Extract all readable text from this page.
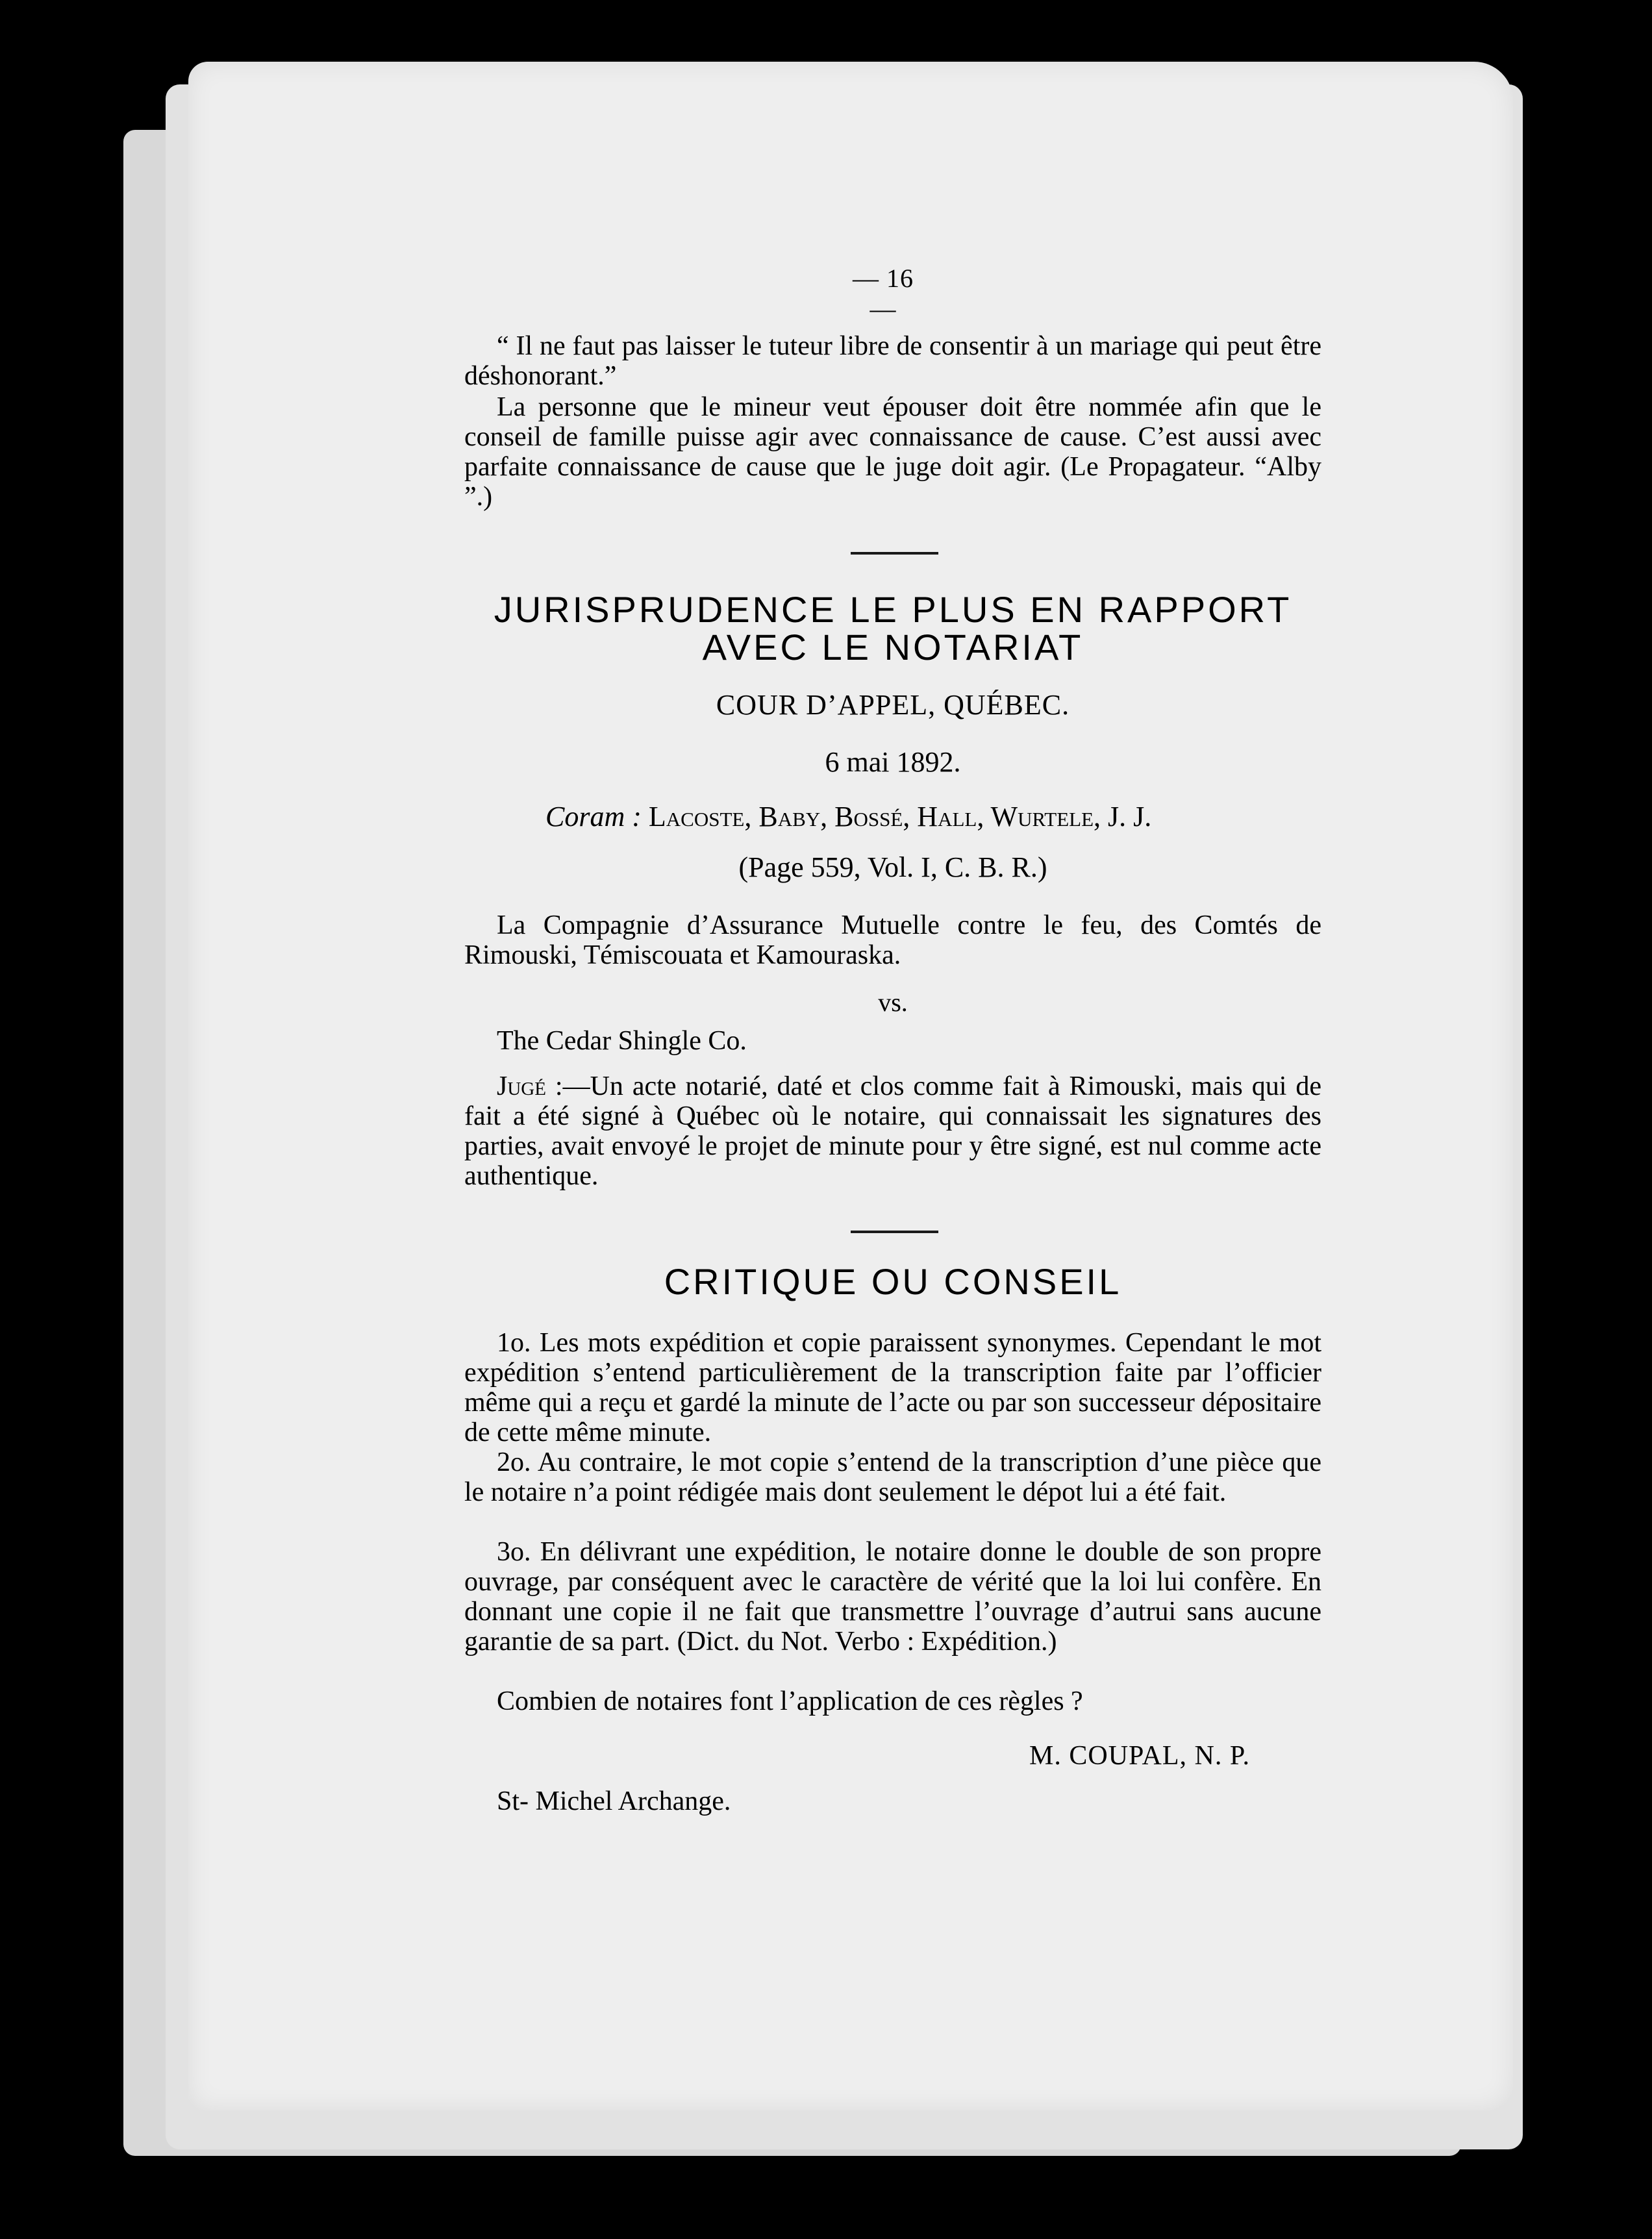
— 16 —
“ Il ne faut pas laisser le tuteur libre de consentir à un mariage qui peut être déshonorant.”
La personne que le mineur veut épouser doit être nommée afin que le conseil de famille puisse agir avec connaissance de cause. C’est aussi avec parfaite connaissance de cause que le juge doit agir. (Le Propagateur. “Alby ”.)
JURISPRUDENCE LE PLUS EN RAPPORT
AVEC LE NOTARIAT
COUR D’APPEL, QUÉBEC.
6 mai 1892.
Coram : Lacoste, Baby, Bossé, Hall, Wurtele, J. J.
(Page 559, Vol. I, C. B. R.)
La Compagnie d’Assurance Mutuelle contre le feu, des Comtés de Rimouski, Témiscouata et Kamouraska.
vs.
The Cedar Shingle Co.
Jugé :—Un acte notarié, daté et clos comme fait à Rimouski, mais qui de fait a été signé à Québec où le notaire, qui connaissait les signatures des parties, avait envoyé le projet de minute pour y être signé, est nul comme acte authentique.
CRITIQUE OU CONSEIL
1o. Les mots expédition et copie paraissent synonymes. Cependant le mot expédition s’entend particulièrement de la transcription faite par l’officier même qui a reçu et gardé la minute de l’acte ou par son successeur dépositaire de cette même minute.
2o. Au contraire, le mot copie s’entend de la transcription d’une pièce que le notaire n’a point rédigée mais dont seulement le dépot lui a été fait.
3o. En délivrant une expédition, le notaire donne le double de son propre ouvrage, par conséquent avec le caractère de vérité que la loi lui confère. En donnant une copie il ne fait que transmettre l’ouvrage d’autrui sans aucune garantie de sa part. (Dict. du Not. Verbo : Expédition.)
Combien de notaires font l’application de ces règles ?
M. COUPAL, N. P.
St- Michel Archange.
